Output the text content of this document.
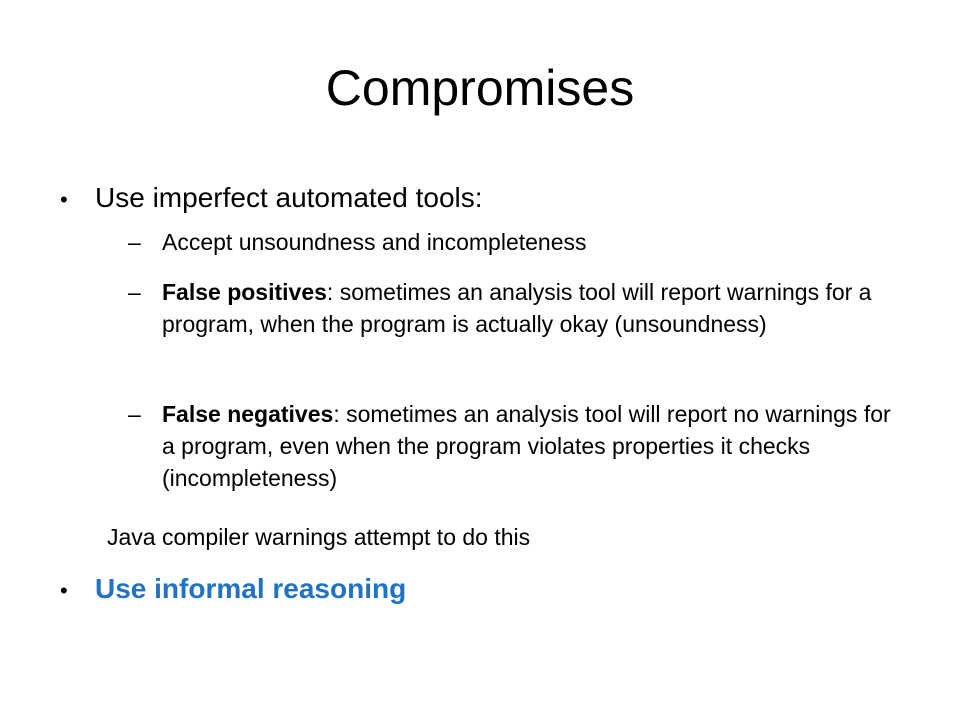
Compromises
• Use imperfect automated tools:
– Accept unsoundness and incompleteness
– False positives: sometimes an analysis tool will report warnings for a program, when the program is actually okay (unsoundness)
– False negatives: sometimes an analysis tool will report no warnings for a program, even when the program violates properties it checks (incompleteness)
Java compiler warnings attempt to do this
• Use informal reasoning
